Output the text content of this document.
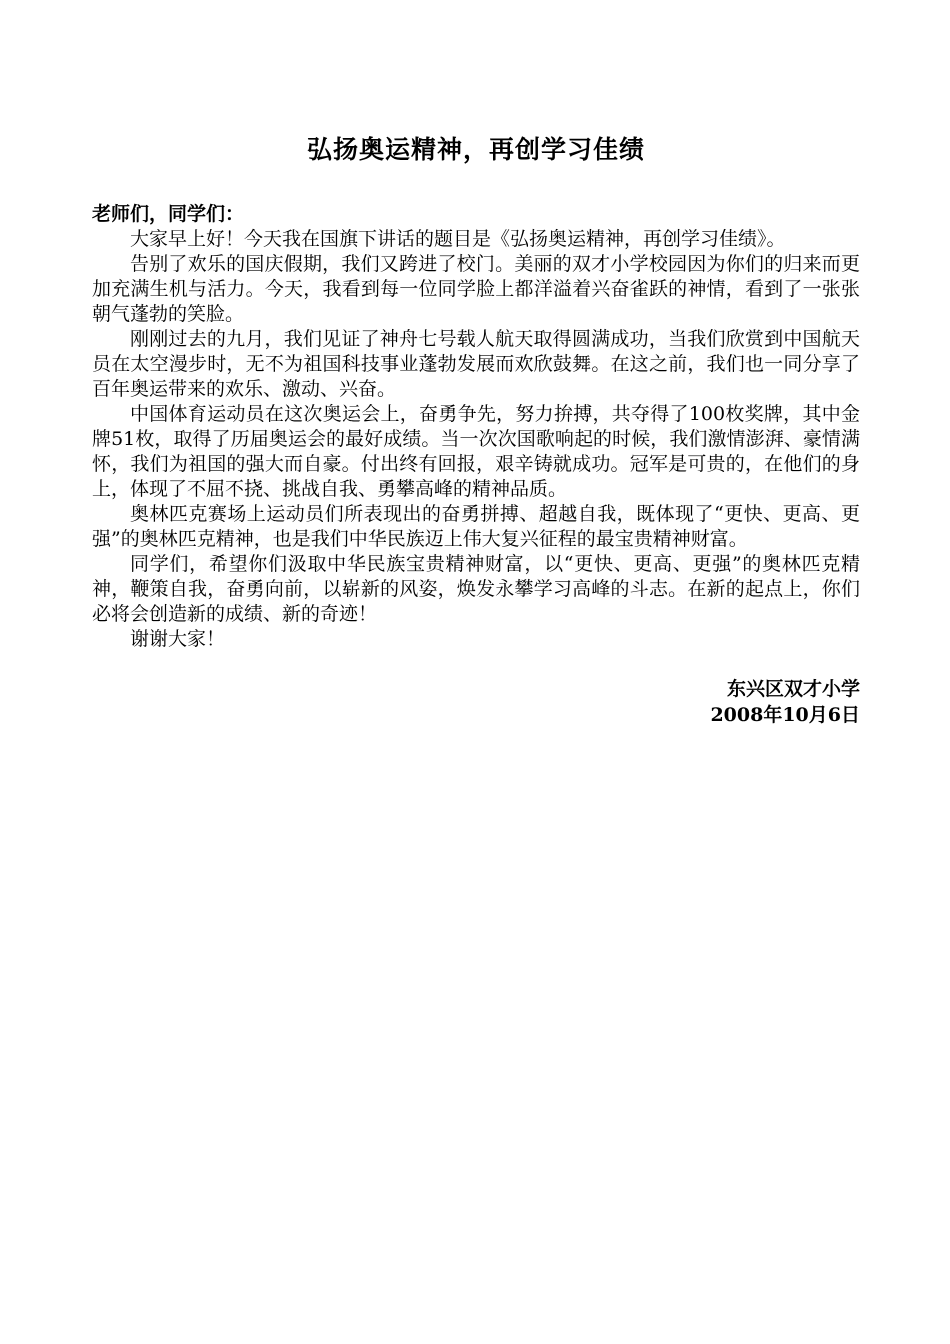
弘扬奥运精神，再创学习佳绩

老师们，同学们：

大家早上好！今天我在国旗下讲话的题目是《弘扬奥运精神，再创学习佳绩》。

告别了欢乐的国庆假期，我们又跨进了校门。美丽的双才小学校园因为你们的归来而更加充满生机与活力。今天，我看到每一位同学脸上都洋溢着兴奋雀跃的神情，看到了一张张朝气蓬勃的笑脸。

刚刚过去的九月，我们见证了神舟七号载人航天取得圆满成功，当我们欣赏到中国航天员在太空漫步时，无不为祖国科技事业蓬勃发展而欢欣鼓舞。在这之前，我们也一同分享了百年奥运带来的欢乐、激动、兴奋。

中国体育运动员在这次奥运会上，奋勇争先，努力拚搏，共夺得了100枚奖牌，其中金牌51枚，取得了历届奥运会的最好成绩。当一次次国歌响起的时候，我们激情澎湃、豪情满怀，我们为祖国的强大而自豪。付出终有回报，艰辛铸就成功。冠军是可贵的，在他们的身上，体现了不屈不挠、挑战自我、勇攀高峰的精神品质。

奥林匹克赛场上运动员们所表现出的奋勇拼搏、超越自我，既体现了“更快、更高、更强”的奥林匹克精神，也是我们中华民族迈上伟大复兴征程的最宝贵精神财富。

同学们，希望你们汲取中华民族宝贵精神财富，以“更快、更高、更强”的奥林匹克精神，鞭策自我，奋勇向前，以崭新的风姿，焕发永攀学习高峰的斗志。在新的起点上，你们必将会创造新的成绩、新的奇迹！

谢谢大家！

东兴区双才小学
2008年10月6日
